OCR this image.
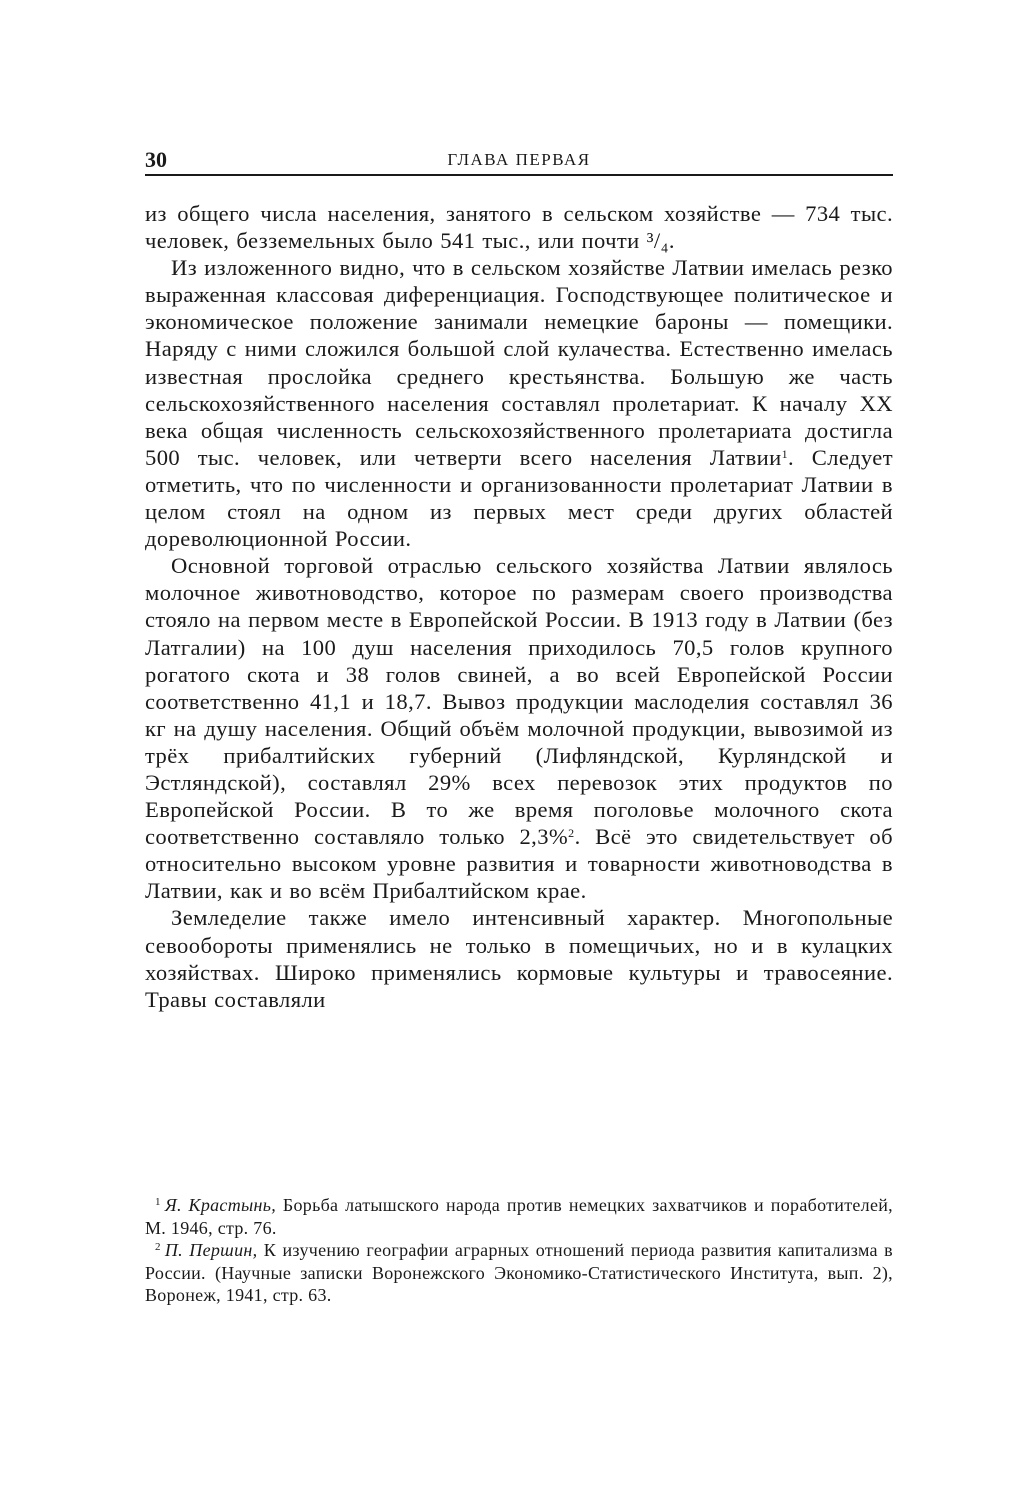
30	ГЛАВА ПЕРВАЯ

из общего числа населения, занятого в сельском хозяйстве — 734 тыс. человек, безземельных было 541 тыс., или почти ³/₄.

Из изложенного видно, что в сельском хозяйстве Латвии имелась резко выраженная классовая диференциация. Господствующее политическое и экономическое положение занимали немецкие бароны — помещики. Наряду с ними сложился большой слой кулачества. Естественно имелась известная прослойка среднего крестьянства. Большую же часть сельскохозяйственного населения составлял пролетариат. К началу XX века общая численность сельскохозяйственного пролетариата достигла 500 тыс. человек, или четверти всего населения Латвии$^1$. Следует отметить, что по численности и организованности пролетариат Латвии в целом стоял на одном из первых мест среди других областей дореволюционной России.

Основной торговой отраслью сельского хозяйства Латвии являлось молочное животноводство, которое по размерам своего производства стояло на первом месте в Европейской России. В 1913 году в Латвии (без Латгалии) на 100 душ населения приходилось 70,5 голов крупного рогатого скота и 38 голов свиней, а во всей Европейской России соответственно 41,1 и 18,7. Вывоз продукции маслоделия составлял 36 кг на душу населения. Общий объём молочной продукции, вывозимой из трёх прибалтийских губерний (Лифляндской, Курляндской и Эстляндской), составлял 29% всех перевозок этих продуктов по Европейской России. В то же время поголовье молочного скота соответственно составляло только 2,3%$^2$. Всё это свидетельствует об относительно высоком уровне развития и товарности животноводства в Латвии, как и во всём Прибалтийском крае.

Земледелие также имело интенсивный характер. Многопольные севообороты применялись не только в помещичьих, но и в кулацких хозяйствах. Широко применялись кормовые культуры и травосеяние. Травы составляли

$^1$ Я. Крастынь, Борьба латышского народа против немецких захватчиков и поработителей, М. 1946, стр. 76.

$^2$ П. Першин, К изучению географии аграрных отношений периода развития капитализма в России. (Научные записки Воронежского Экономико-Статистического Института, вып. 2), Воронеж, 1941, стр. 63.
